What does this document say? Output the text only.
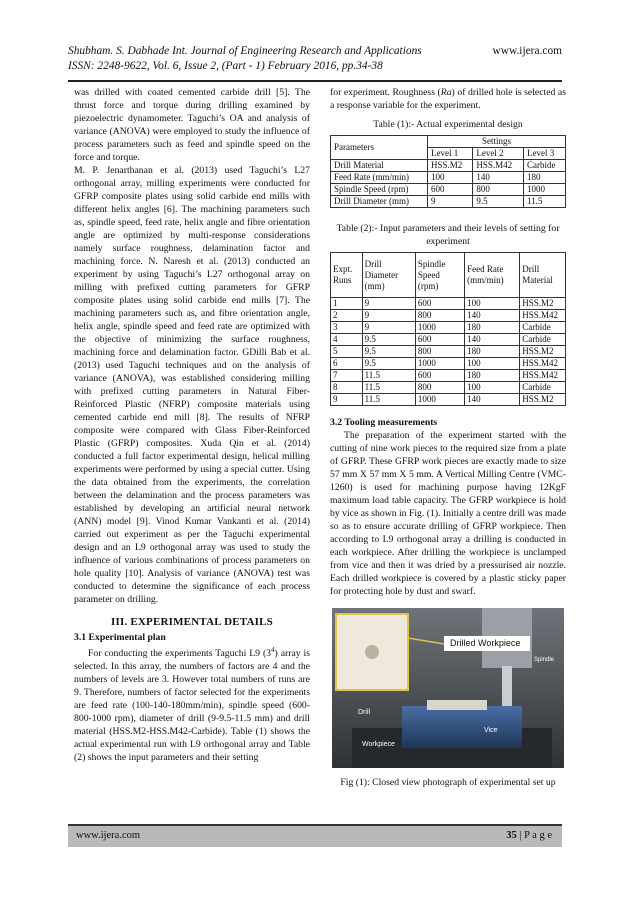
Shubham. S. Dabhade Int. Journal of Engineering Research and Applications
ISSN: 2248-9622, Vol. 6, Issue 2, (Part - 1) February 2016, pp.34-38
www.ijera.com

was drilled with coated cemented carbide drill [5]. The thrust force and torque during drilling examined by piezoelectric dynamometer. Taguchi’s OA and analysis of variance (ANOVA) were employed to study the influence of process parameters such as feed and spindle speed on the force and torque.

M. P. Jenarthanan et al. (2013) used Taguchi’s L27 orthogonal array, milling experiments were conducted for GFRP composite plates using solid carbide end mills with different helix angles [6]. The machining parameters such as, spindle speed, feed rate, helix angle and fibre orientation angle are optimized by multi-response considerations namely surface roughness, delamination factor and machining force. N. Naresh et al. (2013) conducted an experiment by using Taguchi’s L27 orthogonal array on milling with prefixed cutting parameters for GFRP composite plates using solid carbide end mills [7]. The machining parameters such as, and fibre orientation angle, helix angle, spindle speed and feed rate are optimized with the objective of minimizing the surface roughness, machining force and delamination factor. GDilli Bab et al. (2013) used Taguchi techniques and on the analysis of variance (ANOVA), was established considering milling with prefixed cutting parameters in Natural Fiber-Reinforced Plastic (NFRP) composite materials using cemented carbide end mill [8]. The results of NFRP composite were compared with Glass Fiber-Reinforced Plastic (GFRP) composites. Xuda Qin et al. (2014) conducted a full factor experimental design, helical milling experiments were performed by using a special cutter. Using the data obtained from the experiments, the correlation between the delamination and the process parameters was established by developing an artificial neural network (ANN) model [9]. Vinod Kumar Vankanti et al. (2014) carried out experiment as per the Taguchi experimental design and an L9 orthogonal array was used to study the influence of various combinations of process parameters on hole quality [10]. Analysis of variance (ANOVA) test was conducted to determine the significance of each process parameter on drilling.

III. EXPERIMENTAL DETAILS

3.1 Experimental plan

For conducting the experiments Taguchi L9 $(3^4)$ array is selected. In this array, the numbers of factors are 4 and the numbers of levels are 3. However total numbers of runs are 9. Therefore, numbers of factor selected for the experiments are feed rate (100-140-180mm/min), spindle speed (600-800-1000 rpm), diameter of drill (9-9.5-11.5 mm) and drill material (HSS.M2-HSS.M42-Carbide). Table (1) shows the actual experimental run with L9 orthogonal array and Table (2) shows the input parameters and their setting

for experiment. Roughness (Ra) of drilled hole is selected as a response variable for the experiment.

Table (1):- Actual experimental design
Parameters	Settings		
	Level 1	Level 2	Level 3
Drill Material	HSS.M2	HSS.M42	Carbide
Feed Rate (mm/min)	100	140	180
Spindle Speed (rpm)	600	800	1000
Drill Diameter (mm)	9	9.5	11.5
Table (2):- Input parameters and their levels of setting for experiment
Expt. Runs	Drill Diameter (mm)	Spindle Speed (rpm)	Feed Rate (mm/min)	Drill Material
1	9	600	100	HSS.M2
2	9	800	140	HSS.M42
3	9	1000	180	Carbide
4	9.5	600	140	Carbide
5	9.5	800	180	HSS.M2
6	9.5	1000	100	HSS.M42
7	11.5	600	180	HSS.M42
8	11.5	800	100	Carbide
9	11.5	1000	140	HSS.M2

3.2 Tooling measurements

The preparation of the experiment started with the cutting of nine work pieces to the required size from a plate of GFRP. These GFRP work pieces are exactly made to size 57 mm X 57 mm X 5 mm. A Vertical Milling Centre (VMC-1260) is used for machining purpose having 12KgF maximum load table capacity. The GFRP workpiece is hold by vice as shown in Fig. (1). Initially a centre drill was made so as to ensure accurate drilling of GFRP workpiece. Then according to L9 orthogonal array a drilling is conducted in each workpiece. After drilling the workpiece is unclamped from vice and then it was dried by a pressurised air nozzle. Each drilled workpiece is covered by a plastic sticky paper for protecting hole by dust and swarf.

Drilled Workpiece
Spindle
Drill
Vice
Workpiece
Fig (1): Closed view photograph of experimental set up
www.ijera.com	35 | P a g e
